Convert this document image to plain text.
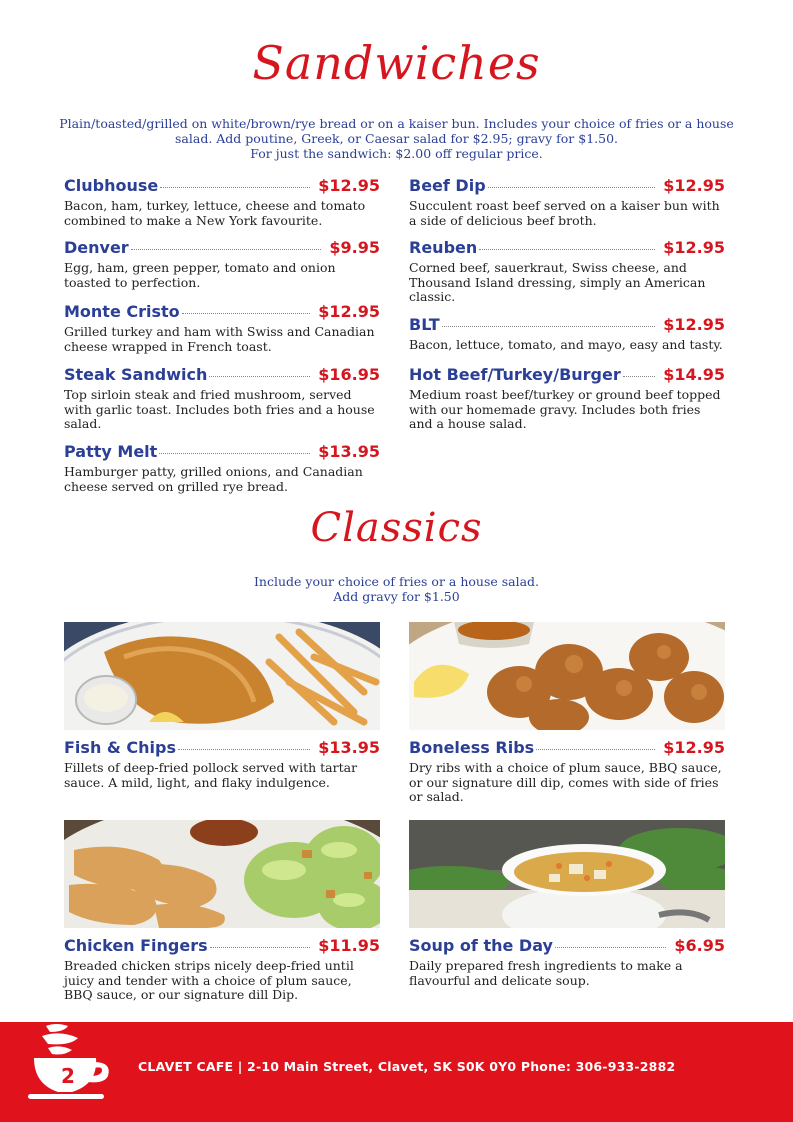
Sandwiches
Plain/toasted/grilled on white/brown/rye bread or on a kaiser bun. Includes your choice of fries or a house
salad. Add poutine, Greek, or Caesar salad for $2.95; gravy for $1.50.
For just the sandwich: $2.00 off regular price.
Clubhouse	$12.95
Bacon, ham, turkey, lettuce, cheese and tomato combined to make a New York favourite.
Denver	$9.95
Egg, ham, green pepper, tomato and onion toasted to perfection.
Monte Cristo	$12.95
Grilled turkey and ham with Swiss and Canadian cheese wrapped in French toast.
Steak Sandwich	$16.95
Top sirloin steak and fried mushroom, served with garlic toast. Includes both fries and a house salad.
Patty Melt	$13.95
Hamburger patty, grilled onions, and Canadian cheese served on grilled rye bread.
Beef Dip	$12.95
Succulent roast beef served on a kaiser bun with a side of delicious beef broth.
Reuben	$12.95
Corned beef, sauerkraut, Swiss cheese, and Thousand Island dressing, simply an American classic.
BLT	$12.95
Bacon, lettuce, tomato, and mayo, easy and tasty.
Hot Beef/Turkey/Burger	$14.95
Medium roast beef/turkey or ground beef topped with our homemade gravy. Includes both fries and a house salad.
Classics
Include your choice of fries or a house salad.
Add gravy for $1.50
Fish & Chips	$13.95
Fillets of deep-fried pollock served with tartar sauce. A mild, light, and flaky indulgence.
Boneless Ribs	$12.95
Dry ribs with a choice of plum sauce, BBQ sauce, or our signature dill dip, comes with side of fries or salad.
Chicken Fingers	$11.95
Breaded chicken strips nicely deep-fried until juicy and tender with a choice of plum sauce, BBQ sauce, or our signature dill Dip.
Soup of the Day	$6.95
Daily prepared fresh ingredients to make a flavourful and delicate soup.
2	CLAVET CAFE | 2-10 Main Street, Clavet, SK S0K 0Y0 Phone: 306-933-2882
